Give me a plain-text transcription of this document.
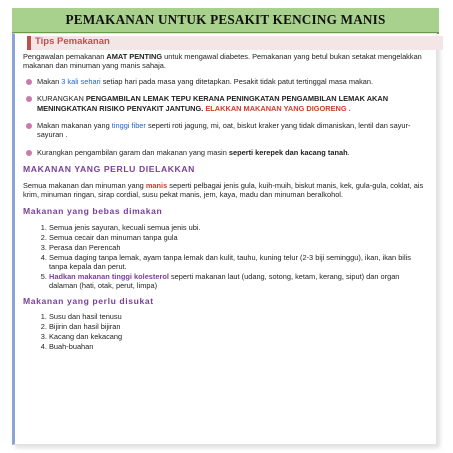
PEMAKANAN UNTUK PESAKIT KENCING MANIS
Tips Pemakanan

Pengawalan pemakanan AMAT PENTING untuk mengawal diabetes. Pemakanan yang betul bukan setakat mengelakkan makanan dan minuman yang manis sahaja.

Makan 3 kali sehari setiap hari pada masa yang ditetapkan. Pesakit tidak patut tertinggal masa makan.
KURANGKAN PENGAMBILAN LEMAK TEPU KERANA PENINGKATAN PENGAMBILAN LEMAK AKAN MENINGKATKAN RISIKO PENYAKIT JANTUNG. ELAKKAN MAKANAN YANG DIGORENG .
Makan makanan yang tinggi fiber seperti roti jagung, mi, oat, biskut kraker yang tidak dimaniskan, lentil dan sayur-sayuran .
Kurangkan pengambilan garam dan makanan yang masin seperti kerepek dan kacang tanah.
MAKANAN YANG PERLU DIELAKKAN

Semua makanan dan minuman yang manis seperti pelbagai jenis gula, kuih-muih, biskut manis, kek, gula-gula, coklat, ais krim, minuman ringan, sirap cordial, susu pekat manis, jem, kaya, madu dan minuman beralkohol.

Makanan yang bebas dimakan
1. Semua jenis sayuran, kecuali semua jenis ubi.
2. Semua cecair dan minuman tanpa gula
3. Perasa dan Perencah
4. Semua daging tanpa lemak, ayam tanpa lemak dan kulit, tauhu, kuning telur (2-3 biji seminggu), ikan, ikan bilis tanpa kepala dan perut.
5. Hadkan makanan tinggi kolesterol seperti makanan laut (udang, sotong, ketam, kerang, siput) dan organ dalaman (hati, otak, perut, limpa)
Makanan yang perlu disukat
1. Susu dan hasil tenusu
2. Bijirin dan hasil bijiran
3. Kacang dan kekacang
4. Buah-buahan
